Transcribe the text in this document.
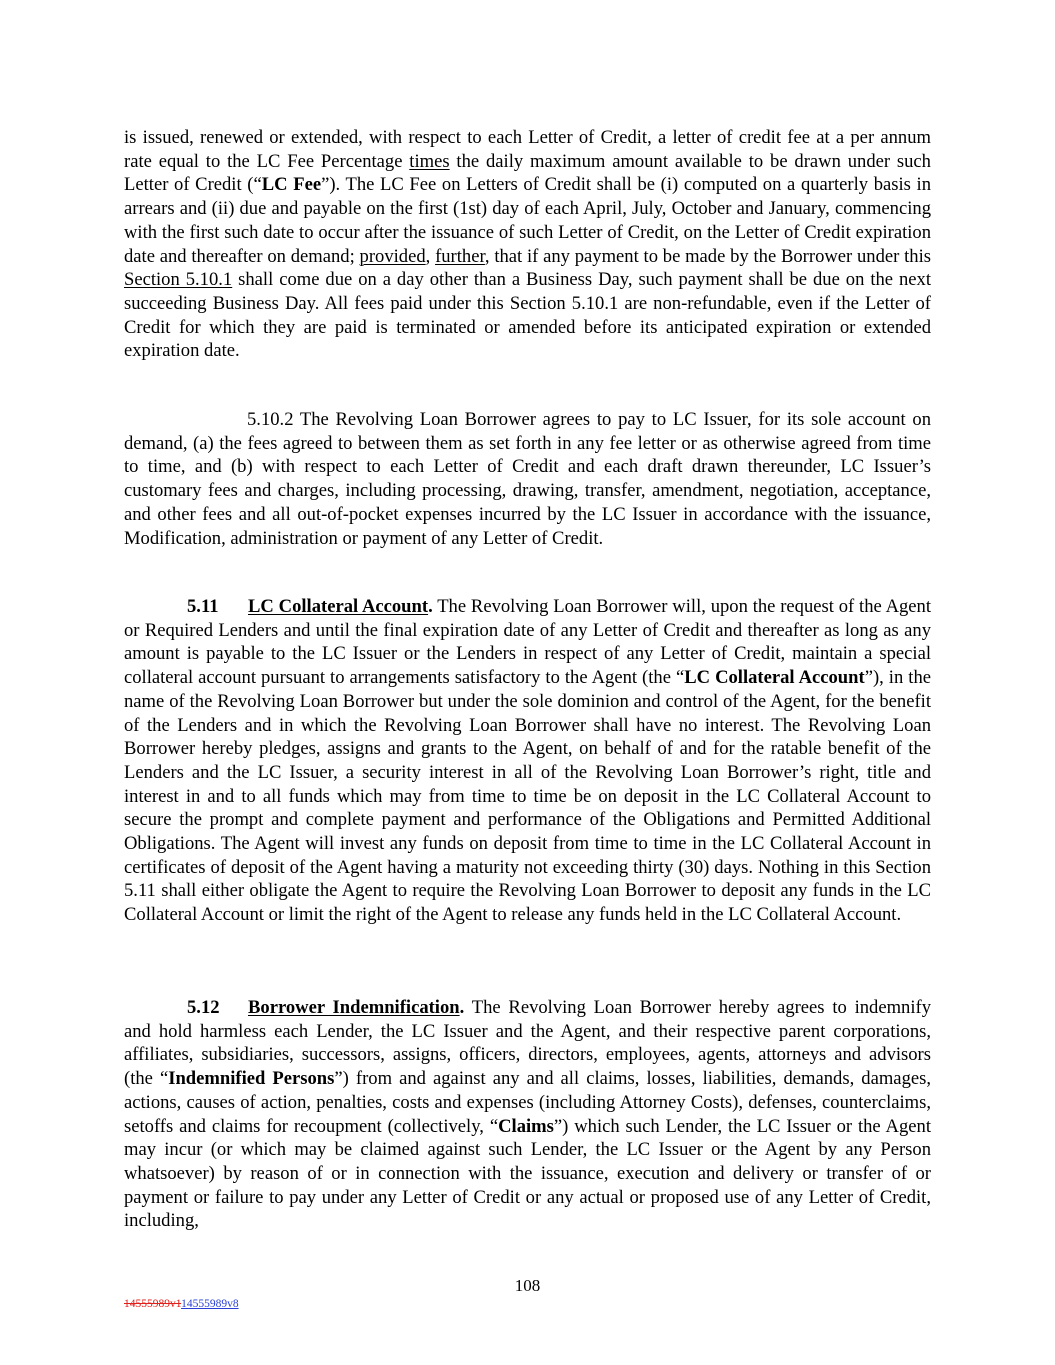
is issued, renewed or extended, with respect to each Letter of Credit, a letter of credit fee at a per annum rate equal to the LC Fee Percentage times the daily maximum amount available to be drawn under such Letter of Credit (“LC Fee”). The LC Fee on Letters of Credit shall be (i) computed on a quarterly basis in arrears and (ii) due and payable on the first (1st) day of each April, July, October and January, commencing with the first such date to occur after the issuance of such Letter of Credit, on the Letter of Credit expiration date and thereafter on demand; provided, further, that if any payment to be made by the Borrower under this Section 5.10.1 shall come due on a day other than a Business Day, such payment shall be due on the next succeeding Business Day. All fees paid under this Section 5.10.1 are non-refundable, even if the Letter of Credit for which they are paid is terminated or amended before its anticipated expiration or extended expiration date.

5.10.2 The Revolving Loan Borrower agrees to pay to LC Issuer, for its sole account on demand, (a) the fees agreed to between them as set forth in any fee letter or as otherwise agreed from time to time, and (b) with respect to each Letter of Credit and each draft drawn thereunder, LC Issuer’s customary fees and charges, including processing, drawing, transfer, amendment, negotiation, acceptance, and other fees and all out-of-pocket expenses incurred by the LC Issuer in accordance with the issuance, Modification, administration or payment of any Letter of Credit.

5.11 LC Collateral Account. The Revolving Loan Borrower will, upon the request of the Agent or Required Lenders and until the final expiration date of any Letter of Credit and thereafter as long as any amount is payable to the LC Issuer or the Lenders in respect of any Letter of Credit, maintain a special collateral account pursuant to arrangements satisfactory to the Agent (the “LC Collateral Account”), in the name of the Revolving Loan Borrower but under the sole dominion and control of the Agent, for the benefit of the Lenders and in which the Revolving Loan Borrower shall have no interest. The Revolving Loan Borrower hereby pledges, assigns and grants to the Agent, on behalf of and for the ratable benefit of the Lenders and the LC Issuer, a security interest in all of the Revolving Loan Borrower’s right, title and interest in and to all funds which may from time to time be on deposit in the LC Collateral Account to secure the prompt and complete payment and performance of the Obligations and Permitted Additional Obligations. The Agent will invest any funds on deposit from time to time in the LC Collateral Account in certificates of deposit of the Agent having a maturity not exceeding thirty (30) days. Nothing in this Section 5.11 shall either obligate the Agent to require the Revolving Loan Borrower to deposit any funds in the LC Collateral Account or limit the right of the Agent to release any funds held in the LC Collateral Account.

5.12 Borrower Indemnification. The Revolving Loan Borrower hereby agrees to indemnify and hold harmless each Lender, the LC Issuer and the Agent, and their respective parent corporations, affiliates, subsidiaries, successors, assigns, officers, directors, employees, agents, attorneys and advisors (the “Indemnified Persons”) from and against any and all claims, losses, liabilities, demands, damages, actions, causes of action, penalties, costs and expenses (including Attorney Costs), defenses, counterclaims, setoffs and claims for recoupment (collectively, “Claims”) which such Lender, the LC Issuer or the Agent may incur (or which may be claimed against such Lender, the LC Issuer or the Agent by any Person whatsoever) by reason of or in connection with the issuance, execution and delivery or transfer of or payment or failure to pay under any Letter of Credit or any actual or proposed use of any Letter of Credit, including,

108
14555989v114555989v8
